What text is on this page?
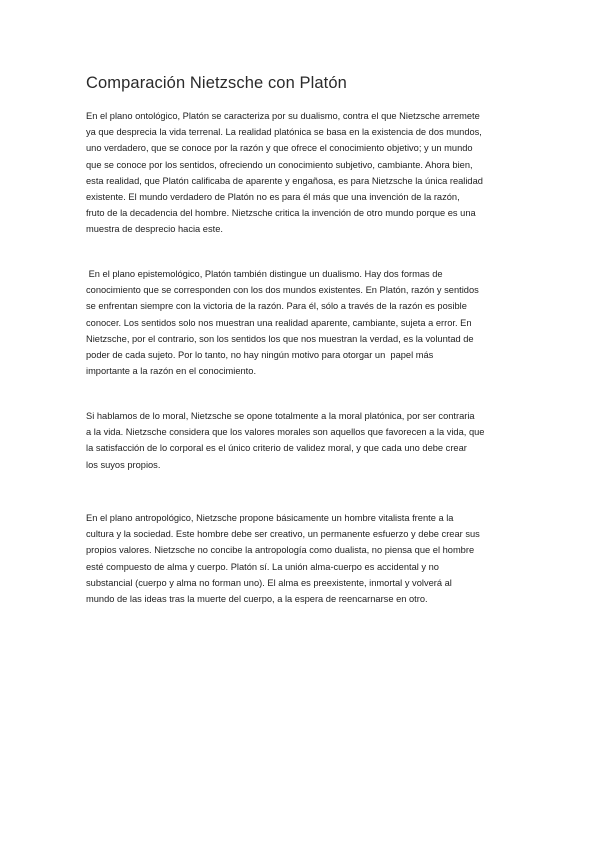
Comparación Nietzsche con Platón
En el plano ontológico, Platón se caracteriza por su dualismo, contra el que Nietzsche arremete
ya que desprecia la vida terrenal. La realidad platónica se basa en la existencia de dos mundos,
uno verdadero, que se conoce por la razón y que ofrece el conocimiento objetivo; y un mundo
que se conoce por los sentidos, ofreciendo un conocimiento subjetivo, cambiante. Ahora bien,
esta realidad, que Platón calificaba de aparente y engañosa, es para Nietzsche la única realidad
existente. El mundo verdadero de Platón no es para él más que una invención de la razón,
fruto de la decadencia del hombre. Nietzsche critica la invención de otro mundo porque es una
muestra de desprecio hacia este.
En el plano epistemológico, Platón también distingue un dualismo. Hay dos formas de
conocimiento que se corresponden con los dos mundos existentes. En Platón, razón y sentidos
se enfrentan siempre con la victoria de la razón. Para él, sólo a través de la razón es posible
conocer. Los sentidos solo nos muestran una realidad aparente, cambiante, sujeta a error. En
Nietzsche, por el contrario, son los sentidos los que nos muestran la verdad, es la voluntad de
poder de cada sujeto. Por lo tanto, no hay ningún motivo para otorgar un  papel más
importante a la razón en el conocimiento.
Si hablamos de lo moral, Nietzsche se opone totalmente a la moral platónica, por ser contraria
a la vida. Nietzsche considera que los valores morales son aquellos que favorecen a la vida, que
la satisfacción de lo corporal es el único criterio de validez moral, y que cada uno debe crear
los suyos propios.
En el plano antropológico, Nietzsche propone básicamente un hombre vitalista frente a la
cultura y la sociedad. Este hombre debe ser creativo, un permanente esfuerzo y debe crear sus
propios valores. Nietzsche no concibe la antropología como dualista, no piensa que el hombre
esté compuesto de alma y cuerpo. Platón sí. La unión alma-cuerpo es accidental y no
substancial (cuerpo y alma no forman uno). El alma es preexistente, inmortal y volverá al
mundo de las ideas tras la muerte del cuerpo, a la espera de reencarnarse en otro.
